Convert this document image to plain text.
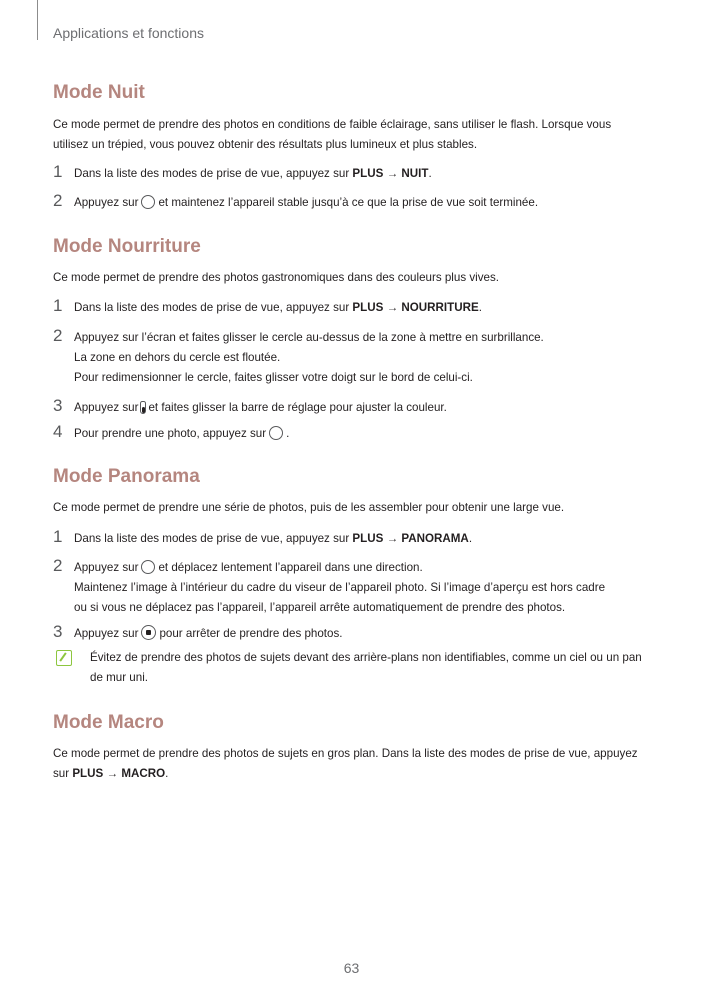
Applications et fonctions
Mode Nuit
Ce mode permet de prendre des photos en conditions de faible éclairage, sans utiliser le flash. Lorsque vous utilisez un trépied, vous pouvez obtenir des résultats plus lumineux et plus stables.
1 Dans la liste des modes de prise de vue, appuyez sur PLUS → NUIT.
2 Appuyez sur et maintenez l’appareil stable jusqu’à ce que la prise de vue soit terminée.
Mode Nourriture
Ce mode permet de prendre des photos gastronomiques dans des couleurs plus vives.
1 Dans la liste des modes de prise de vue, appuyez sur PLUS → NOURRITURE.
2 Appuyez sur l’écran et faites glisser le cercle au-dessus de la zone à mettre en surbrillance.
La zone en dehors du cercle est floutée.
Pour redimensionner le cercle, faites glisser votre doigt sur le bord de celui-ci.
3 Appuyez sur et faites glisser la barre de réglage pour ajuster la couleur.
4 Pour prendre une photo, appuyez sur .
Mode Panorama
Ce mode permet de prendre une série de photos, puis de les assembler pour obtenir une large vue.
1 Dans la liste des modes de prise de vue, appuyez sur PLUS → PANORAMA.
2 Appuyez sur et déplacez lentement l’appareil dans une direction.
Maintenez l’image à l’intérieur du cadre du viseur de l’appareil photo. Si l’image d’aperçu est hors cadre
ou si vous ne déplacez pas l’appareil, l’appareil arrête automatiquement de prendre des photos.
3 Appuyez sur pour arrêter de prendre des photos.
Évitez de prendre des photos de sujets devant des arrière-plans non identifiables, comme un ciel ou un pan de mur uni.
Mode Macro
Ce mode permet de prendre des photos de sujets en gros plan. Dans la liste des modes de prise de vue, appuyez sur PLUS → MACRO.
63
